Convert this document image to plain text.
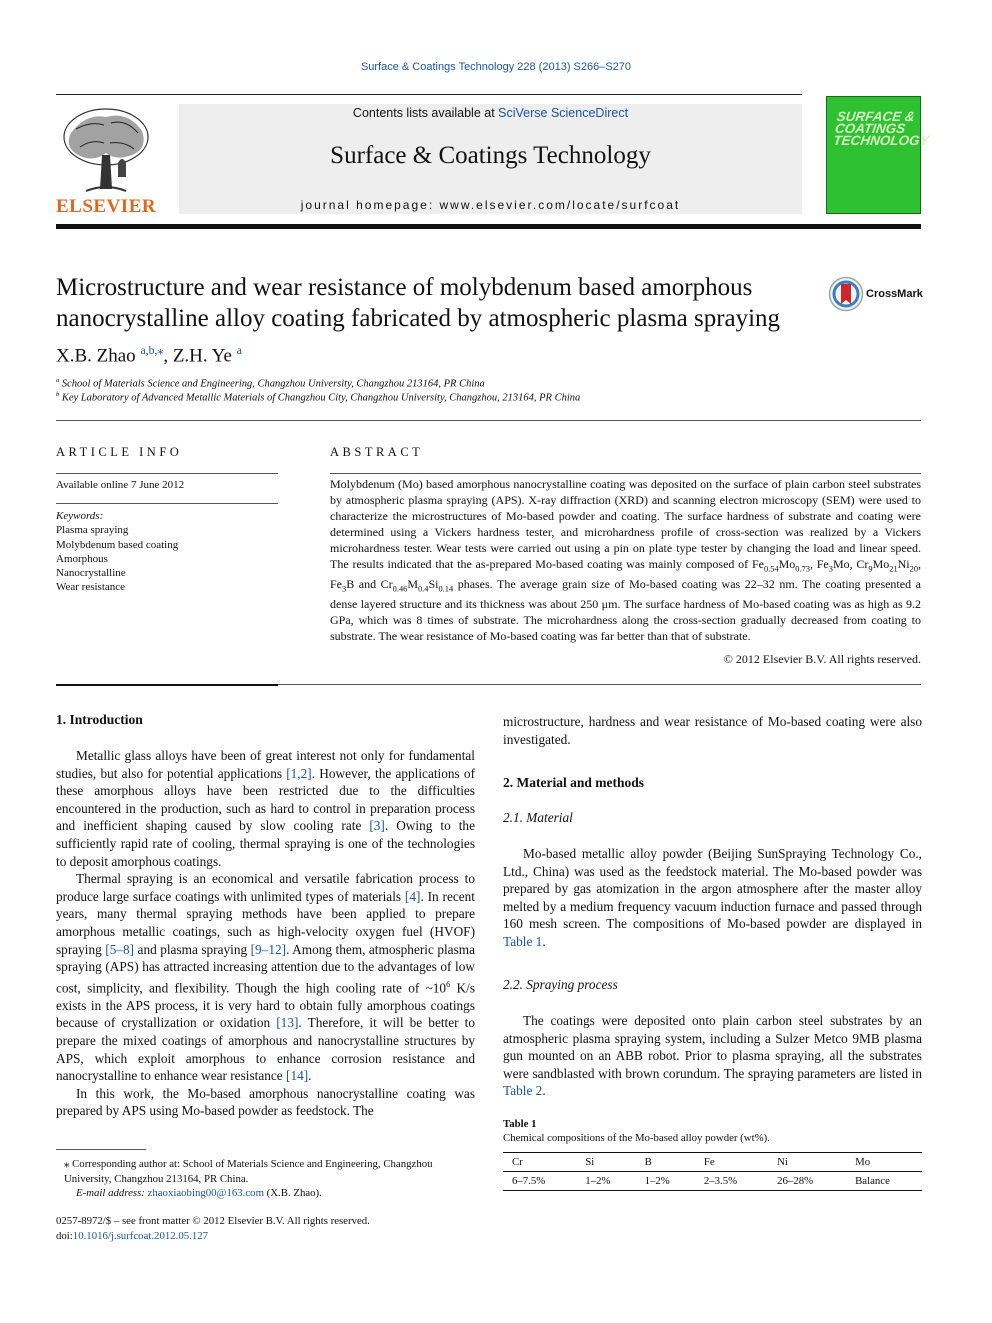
Surface & Coatings Technology 228 (2013) S266–S270
ELSEVIER
Contents lists available at SciVerse ScienceDirect
Surface & Coatings Technology
journal homepage: www.elsevier.com/locate/surfcoat
SURFACE & COATINGS TECHNOLOGY
Microstructure and wear resistance of molybdenum based amorphous nanocrystalline alloy coating fabricated by atmospheric plasma spraying
CrossMark
X.B. Zhao $^{a,b,⁎}$, Z.H. Ye $^a$
$^a$ School of Materials Science and Engineering, Changzhou University, Changzhou 213164, PR China
$^b$ Key Laboratory of Advanced Metallic Materials of Changzhou City, Changzhou University, Changzhou, 213164, PR China
ARTICLE INFO
Available online 7 June 2012
Keywords:
Plasma spraying
Molybdenum based coating
Amorphous
Nanocrystalline
Wear resistance
ABSTRACT
Molybdenum (Mo) based amorphous nanocrystalline coating was deposited on the surface of plain carbon steel substrates by atmospheric plasma spraying (APS). X-ray diffraction (XRD) and scanning electron microscopy (SEM) were used to characterize the microstructures of Mo-based powder and coating. The surface hardness of substrate and coating were determined using a Vickers hardness tester, and microhardness profile of cross-section was realized by a Vickers microhardness tester. Wear tests were carried out using a pin on plate type tester by changing the load and linear speed. The results indicated that the as-prepared Mo-based coating was mainly composed of $Fe_{0.54}Mo_{0.73}$, $Fe_3Mo$, $Cr_9Mo_{21}Ni_{20}$, $Fe_3B$ and $Cr_{0.46}M_{0.4}Si_{0.14}$ phases. The average grain size of Mo-based coating was 22–32 nm. The coating presented a dense layered structure and its thickness was about 250 μm. The surface hardness of Mo-based coating was as high as 9.2 GPa, which was 8 times of substrate. The microhardness along the cross-section gradually decreased from coating to substrate. The wear resistance of Mo-based coating was far better than that of substrate.
© 2012 Elsevier B.V. All rights reserved.
1. Introduction

Metallic glass alloys have been of great interest not only for fundamental studies, but also for potential applications [1,2]. However, the applications of these amorphous alloys have been restricted due to the difficulties encountered in the production, such as hard to control in preparation process and inefficient shaping caused by slow cooling rate [3]. Owing to the sufficiently rapid rate of cooling, thermal spraying is one of the technologies to deposit amorphous coatings.

Thermal spraying is an economical and versatile fabrication process to produce large surface coatings with unlimited types of materials [4]. In recent years, many thermal spraying methods have been applied to prepare amorphous metallic coatings, such as high-velocity oxygen fuel (HVOF) spraying [5–8] and plasma spraying [9–12]. Among them, atmospheric plasma spraying (APS) has attracted increasing attention due to the advantages of low cost, simplicity, and flexibility. Though the high cooling rate of $\sim 10^6$ K/s exists in the APS process, it is very hard to obtain fully amorphous coatings because of crystallization or oxidation [13]. Therefore, it will be better to prepare the mixed coatings of amorphous and nanocrystalline structures by APS, which exploit amorphous to enhance corrosion resistance and nanocrystalline to enhance wear resistance [14].

In this work, the Mo-based amorphous nanocrystalline coating was prepared by APS using Mo-based powder as feedstock. The

⁎ Corresponding author at: School of Materials Science and Engineering, Changzhou University, Changzhou 213164, PR China.
E-mail address: zhaoxiaobing00@163.com (X.B. Zhao).
0257-8972/$ – see front matter © 2012 Elsevier B.V. All rights reserved.
doi:10.1016/j.surfcoat.2012.05.127
microstructure, hardness and wear resistance of Mo-based coating were also investigated.
2. Material and methods
2.1. Material

Mo-based metallic alloy powder (Beijing SunSpraying Technology Co., Ltd., China) was used as the feedstock material. The Mo-based powder was prepared by gas atomization in the argon atmosphere after the master alloy melted by a medium frequency vacuum induction furnace and passed through 160 mesh screen. The compositions of Mo-based powder are displayed in Table 1.

2.2. Spraying process

The coatings were deposited onto plain carbon steel substrates by an atmospheric plasma spraying system, including a Sulzer Metco 9MB plasma gun mounted on an ABB robot. Prior to plasma spraying, all the substrates were sandblasted with brown corundum. The spraying parameters are listed in Table 2.

Table 1
Chemical compositions of the Mo-based alloy powder (wt%).
Cr	Si	B	Fe	Ni	Mo
6–7.5%	1–2%	1–2%	2–3.5%	26–28%	Balance
